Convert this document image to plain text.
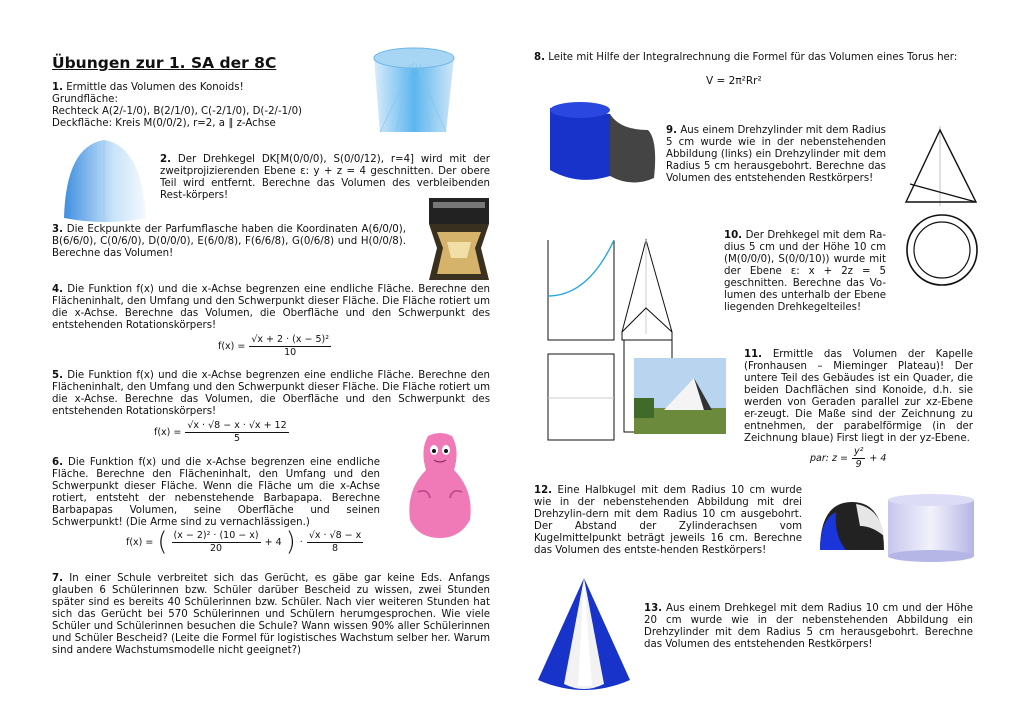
Übungen zur 1. SA der 8C
1. Ermittle das Volumen des Konoids!
Grundfläche:
Rechteck A(2/-1/0), B(2/1/0), C(-2/1/0), D(-2/-1/0)
Deckfläche: Kreis M(0/0/2), r=2, a ∥ z-Achse
2. Der Drehkegel DK[M(0/0/0), S(0/0/12), r=4] wird mit der zweitprojizierenden Ebene ε: y + z = 4 geschnitten. Der obere Teil wird entfernt. Berechne das Volumen des verbleibenden Rest-körpers!
3. Die Eckpunkte der Parfumflasche haben die Koordinaten A(6/0/0), B(6/6/0), C(0/6/0), D(0/0/0), E(6/0/8), F(6/6/8), G(0/6/8) und H(0/0/8). Berechne das Volumen!
4. Die Funktion f(x) und die x-Achse begrenzen eine endliche Fläche. Berechne den Flächeninhalt, den Umfang und den Schwerpunkt dieser Fläche. Die Fläche rotiert um die x-Achse. Berechne das Volumen, die Oberfläche und den Schwerpunkt des entstehenden Rotationskörpers!
$f(x) = \frac{\text{√x + 2 · (x − 5)²}}{10}$
5. Die Funktion f(x) und die x-Achse begrenzen eine endliche Fläche. Berechne den Flächeninhalt, den Umfang und den Schwerpunkt dieser Fläche. Die Fläche rotiert um die x-Achse. Berechne das Volumen, die Oberfläche und den Schwerpunkt des entstehenden Rotationskörpers!
$f(x) = \frac{√x \cdot √8 - x \cdot √x + 12}{5}$
6. Die Funktion f(x) und die x-Achse begrenzen eine endliche Fläche. Berechne den Flächeninhalt, den Umfang und den Schwerpunkt dieser Fläche. Wenn die Fläche um die x-Achse rotiert, entsteht der nebenstehende Barbapapa. Berechne Barbapapas Volumen, seine Oberfläche und seinen Schwerpunkt! (Die Arme sind zu vernachlässigen.)
f(x) = ( $\frac{\text{(x − 2)² · (10 − x)}}{20} + 4$ ) · $\frac{√x \cdot √8 - x}{8}$
7. In einer Schule verbreitet sich das Gerücht, es gäbe gar keine Eds. Anfangs glauben 6 Schülerinnen bzw. Schüler darüber Bescheid zu wissen, zwei Stunden später sind es bereits 40 Schülerinnen bzw. Schüler. Nach vier weiteren Stunden hat sich das Gerücht bei 570 Schülerinnen und Schülern herumgesprochen. Wie viele Schüler und Schülerinnen besuchen die Schule? Wann wissen 90% aller Schülerinnen und Schüler Bescheid? (Leite die Formel für logistisches Wachstum selber her. Warum sind andere Wachstumsmodelle nicht geeignet?)
8. Leite mit Hilfe der Integralrechnung die Formel für das Volumen eines Torus her:
V = 2π²Rr²
9. Aus einem Drehzylinder mit dem Radius 5 cm wurde wie in der nebenstehenden Abbildung (links) ein Drehzylinder mit dem Radius 5 cm herausgebohrt. Berechne das Volumen des entstehenden Restkörpers!
10. Der Drehkegel mit dem Ra-dius 5 cm und der Höhe 10 cm (M(0/0/0), S(0/0/10)) wurde mit der Ebene ε: x + 2z = 5 geschnitten. Berechne das Vo-lumen des unterhalb der Ebene liegenden Drehkegelteiles!
11. Ermittle das Volumen der Kapelle (Fronhausen – Mieminger Plateau)! Der untere Teil des Gebäudes ist ein Quader, die beiden Dachflächen sind Konoide, d.h. sie werden von Geraden parallel zur xz-Ebene er-zeugt. Die Maße sind der Zeichnung zu entnehmen, der parabelförmige (in der Zeichnung blaue) First liegt in der yz-Ebene.
par: $z = \frac{\text{y²}}{9} + 4$
12. Eine Halbkugel mit dem Radius 10 cm wurde wie in der nebenstehenden Abbildung mit drei Drehzylin-dern mit dem Radius 10 cm ausgebohrt. Der Abstand der Zylinderachsen vom Kugelmittelpunkt beträgt jeweils 16 cm. Berechne das Volumen des entste-henden Restkörpers!
13. Aus einem Drehkegel mit dem Radius 10 cm und der Höhe 20 cm wurde wie in der nebenstehenden Abbildung ein Drehzylinder mit dem Radius 5 cm herausgebohrt. Berechne das Volumen des entstehenden Restkörpers!
